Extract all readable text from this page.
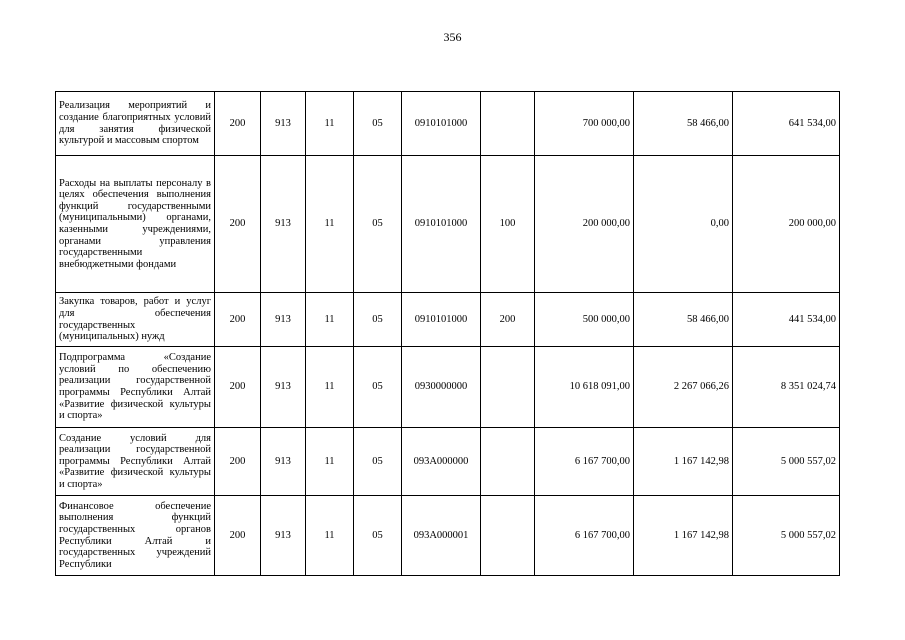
356
Реализация мероприятий и создание благоприятных условий для занятия физической культурой и массовым спортом	200	913	11	05	0910101000		700 000,00	58 466,00	641 534,00
Расходы на выплаты персоналу в целях обеспечения выполнения функций государственными (муниципальными) органами, казенными учреждениями, органами управления государственными внебюджетными фондами	200	913	11	05	0910101000	100	200 000,00	0,00	200 000,00
Закупка товаров, работ и услуг для обеспечения государственных (муниципальных) нужд	200	913	11	05	0910101000	200	500 000,00	58 466,00	441 534,00
Подпрограмма «Создание условий по обеспечению реализации государственной программы Республики Алтай «Развитие физической культуры и спорта»	200	913	11	05	0930000000		10 618 091,00	2 267 066,26	8 351 024,74
Создание условий для реализации государственной программы Республики Алтай «Развитие физической культуры и спорта»	200	913	11	05	093А000000		6 167 700,00	1 167 142,98	5 000 557,02
Финансовое обеспечение выполнения функций государственных органов Республики Алтай и государственных учреждений Республики	200	913	11	05	093А000001		6 167 700,00	1 167 142,98	5 000 557,02
